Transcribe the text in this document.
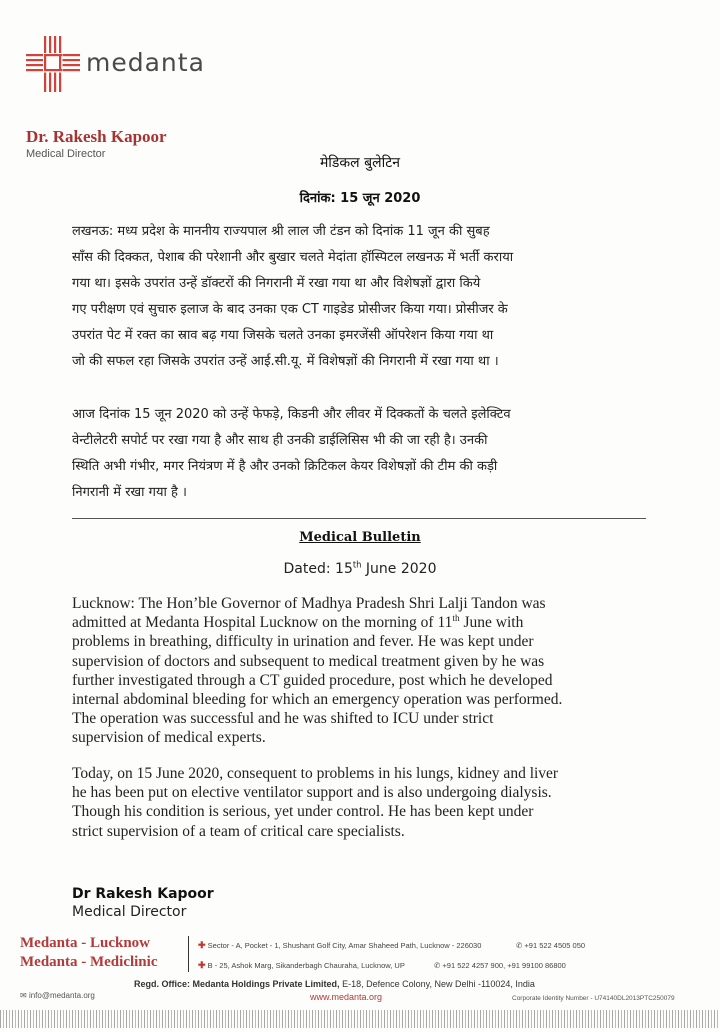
medanta
Dr. Rakesh Kapoor
Medical Director
मेडिकल बुलेटिन
दिनांक: 15 जून 2020
लखनऊ: मध्य प्रदेश के माननीय राज्यपाल श्री लाल जी टंडन को दिनांक 11 जून की सुबह
साँस की दिक्कत, पेशाब की परेशानी और बुखार चलते मेदांता हॉस्पिटल लखनऊ में भर्ती कराया
गया था। इसके उपरांत उन्हें डॉक्टरों की निगरानी में रखा गया था और विशेषज्ञों द्वारा किये
गए परीक्षण एवं सुचारु इलाज के बाद उनका एक CT गाइडेड प्रोसीजर किया गया। प्रोसीजर के
उपरांत पेट में रक्त का स्राव बढ़ गया जिसके चलते उनका इमरजेंसी ऑपरेशन किया गया था
जो की सफल रहा जिसके उपरांत उन्हें आई.सी.यू. में विशेषज्ञों की निगरानी में रखा गया था ।
आज दिनांक 15 जून 2020 को उन्हें फेफड़े, किडनी और लीवर में दिक्कतों के चलते इलेक्टिव
वेन्टीलेटरी सपोर्ट पर रखा गया है और साथ ही उनकी डाईलिसिस भी की जा रही है। उनकी
स्थिति अभी गंभीर, मगर नियंत्रण में है और उनको क्रिटिकल केयर विशेषज्ञों की टीम की कड़ी
निगरानी में रखा गया है ।
Medical Bulletin
Dated: 15th June 2020
Lucknow: The Hon’ble Governor of Madhya Pradesh Shri Lalji Tandon was
admitted at Medanta Hospital Lucknow on the morning of 11th June with
problems in breathing, difficulty in urination and fever. He was kept under
supervision of doctors and subsequent to medical treatment given by he was
further investigated through a CT guided procedure, post which he developed
internal abdominal bleeding for which an emergency operation was performed.
The operation was successful and he was shifted to ICU under strict
supervision of medical experts.
Today, on 15 June 2020, consequent to problems in his lungs, kidney and liver
he has been put on elective ventilator support and is also undergoing dialysis.
Though his condition is serious, yet under control. He has been kept under
strict supervision of a team of critical care specialists.
Dr Rakesh Kapoor
Medical Director
Medanta - Lucknow
Medanta - Mediclinic
✚ Sector - A, Pocket - 1, Shushant Golf City, Amar Shaheed Path, Lucknow - 226030	✆ +91 522 4505 050
✚ B - 25, Ashok Marg, Sikanderbagh Chauraha, Lucknow, UP	✆ +91 522 4257 900, +91 99100 86800
Regd. Office: Medanta Holdings Private Limited, E-18, Defence Colony, New Delhi -110024, India
✉ info@medanta.org	www.medanta.org	Corporate Identity Number - U74140DL2013PTC250079
